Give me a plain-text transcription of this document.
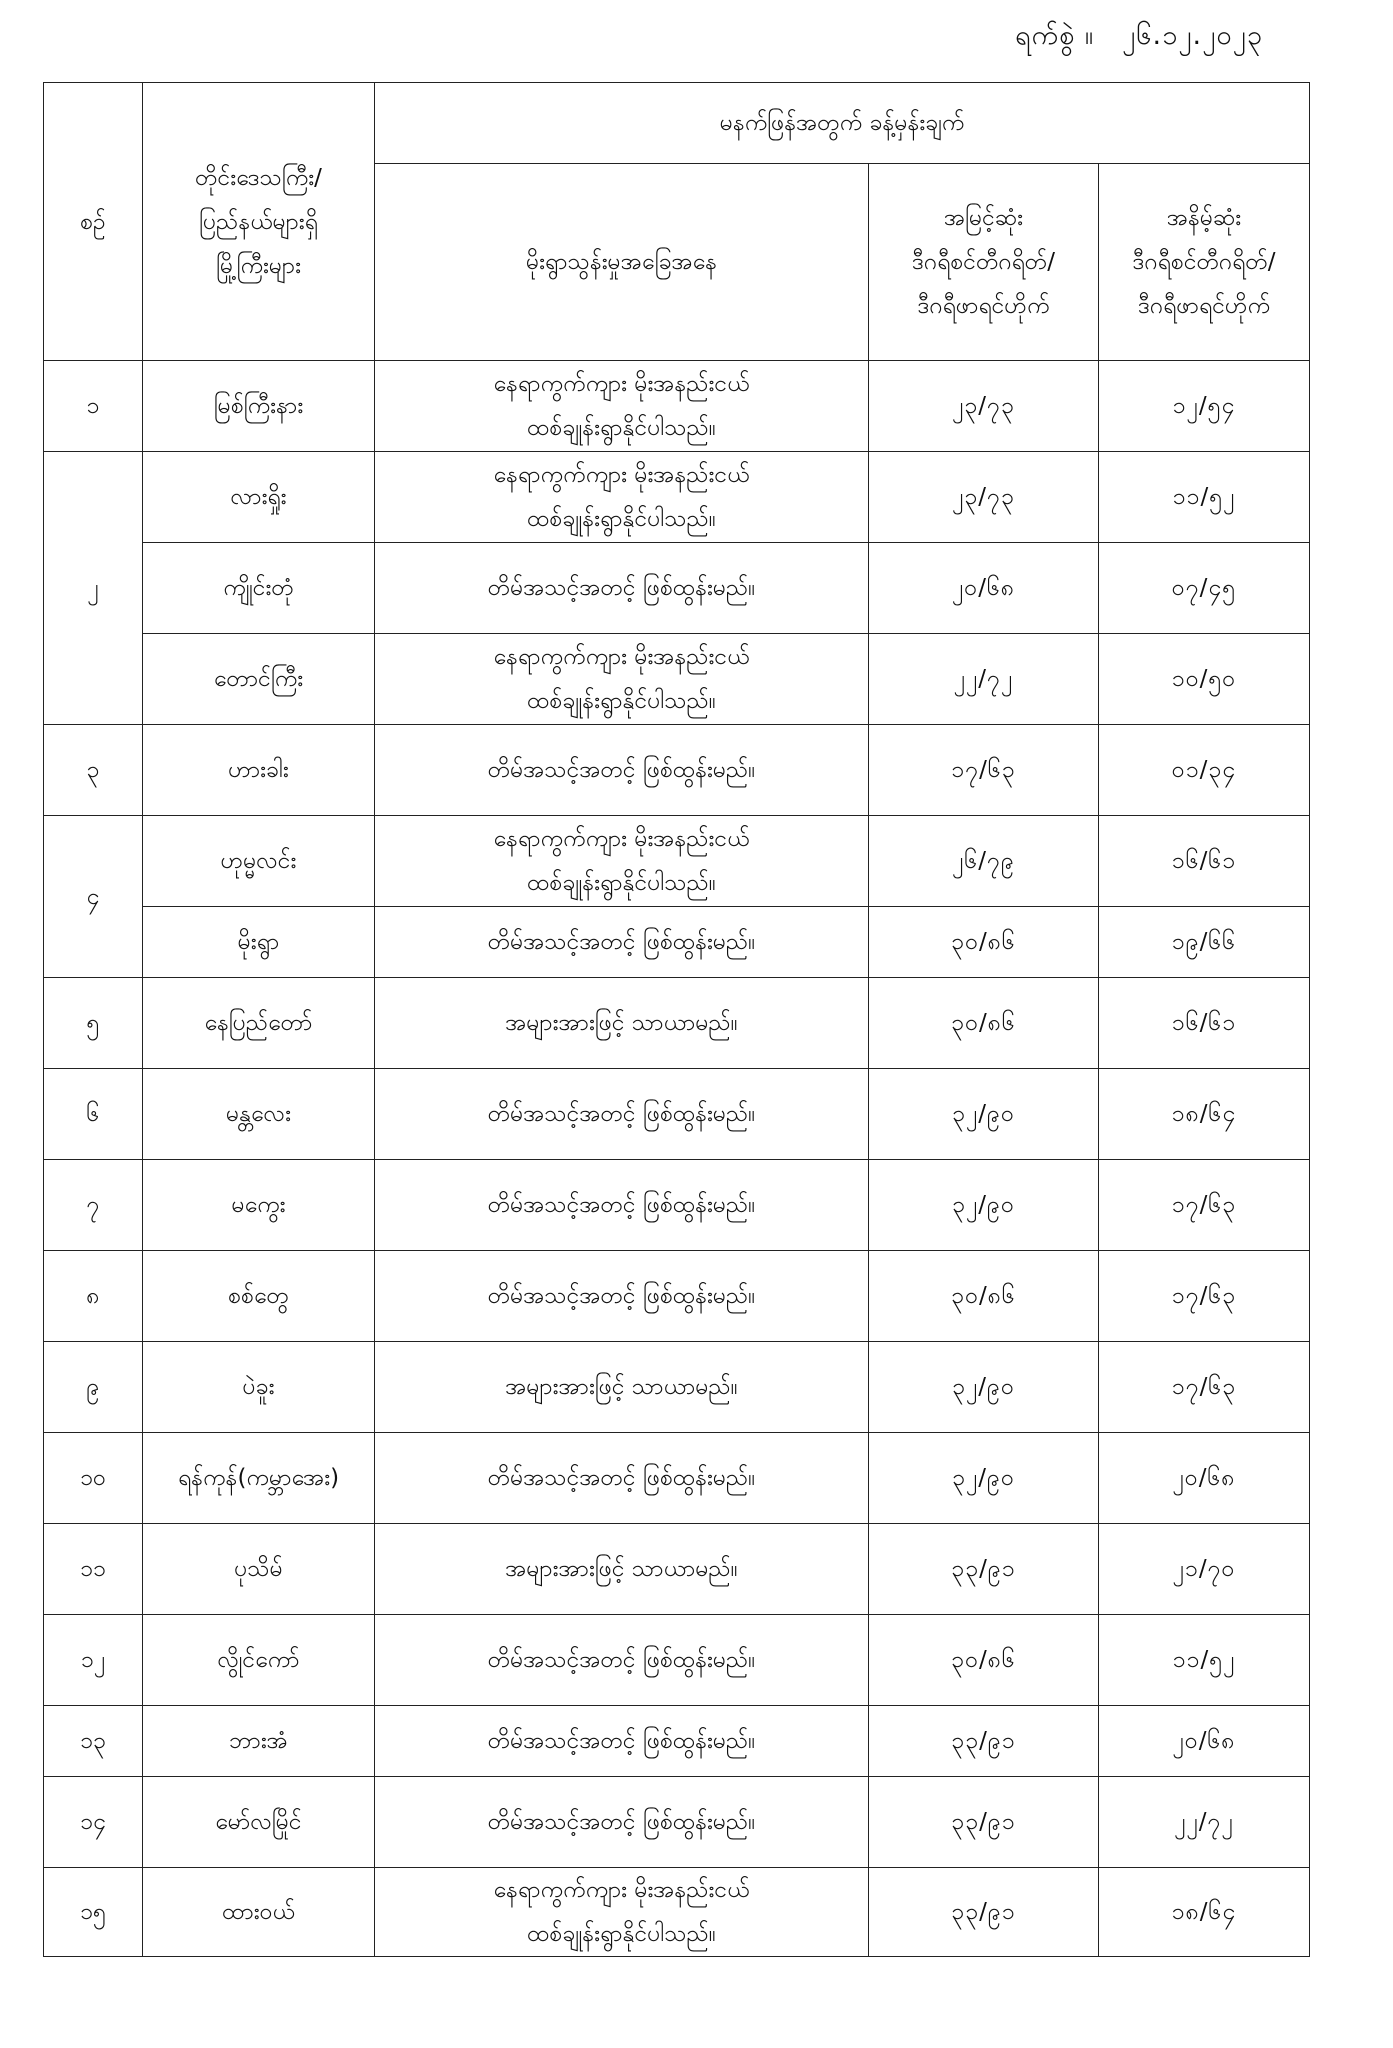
ရက်စွဲ ။ ၂၆.၁၂.၂၀၂၃
စဉ်	တိုင်းဒေသကြီး/
ပြည်နယ်များရှိ
မြို့ကြီးများ	မနက်ဖြန်အတွက် ခန့်မှန်းချက်		
		မိုးရွာသွန်းမှုအခြေအနေ	အမြင့်ဆုံး
ဒီဂရီစင်တီဂရိတ်/
ဒီဂရီဖာရင်ဟိုက်	အနိမ့်ဆုံး
ဒီဂရီစင်တီဂရိတ်/
ဒီဂရီဖာရင်ဟိုက်
၁	မြစ်ကြီးနား	နေရာကွက်ကျား မိုးအနည်းငယ်
ထစ်ချုန်းရွာနိုင်ပါသည်။	၂၃/၇၃	၁၂/၅၄
၂	လားရှိုး	နေရာကွက်ကျား မိုးအနည်းငယ်
ထစ်ချုန်းရွာနိုင်ပါသည်။	၂၃/၇၃	၁၁/၅၂
	ကျိုင်းတုံ	တိမ်အသင့်အတင့် ဖြစ်ထွန်းမည်။	၂၀/၆၈	၀၇/၄၅
	တောင်ကြီး	နေရာကွက်ကျား မိုးအနည်းငယ်
ထစ်ချုန်းရွာနိုင်ပါသည်။	၂၂/၇၂	၁၀/၅၀
၃	ဟားခါး	တိမ်အသင့်အတင့် ဖြစ်ထွန်းမည်။	၁၇/၆၃	၀၁/၃၄
၄	ဟုမ္မလင်း	နေရာကွက်ကျား မိုးအနည်းငယ်
ထစ်ချုန်းရွာနိုင်ပါသည်။	၂၆/၇၉	၁၆/၆၁
	မိုးရွာ	တိမ်အသင့်အတင့် ဖြစ်ထွန်းမည်။	၃၀/၈၆	၁၉/၆၆
၅	နေပြည်တော်	အများအားဖြင့် သာယာမည်။	၃၀/၈၆	၁၆/၆၁
၆	မန္တလေး	တိမ်အသင့်အတင့် ဖြစ်ထွန်းမည်။	၃၂/၉၀	၁၈/၆၄
၇	မကွေး	တိမ်အသင့်အတင့် ဖြစ်ထွန်းမည်။	၃၂/၉၀	၁၇/၆၃
၈	စစ်တွေ	တိမ်အသင့်အတင့် ဖြစ်ထွန်းမည်။	၃၀/၈၆	၁၇/၆၃
၉	ပဲခူး	အများအားဖြင့် သာယာမည်။	၃၂/၉၀	၁၇/၆၃
၁၀	ရန်ကုန်(ကမ္ဘာအေး)	တိမ်အသင့်အတင့် ဖြစ်ထွန်းမည်။	၃၂/၉၀	၂၀/၆၈
၁၁	ပုသိမ်	အများအားဖြင့် သာယာမည်။	၃၃/၉၁	၂၁/၇၀
၁၂	လွိုင်ကော်	တိမ်အသင့်အတင့် ဖြစ်ထွန်းမည်။	၃၀/၈၆	၁၁/၅၂
၁၃	ဘားအံ	တိမ်အသင့်အတင့် ဖြစ်ထွန်းမည်။	၃၃/၉၁	၂၀/၆၈
၁၄	မော်လမြိုင်	တိမ်အသင့်အတင့် ဖြစ်ထွန်းမည်။	၃၃/၉၁	၂၂/၇၂
၁၅	ထားဝယ်	နေရာကွက်ကျား မိုးအနည်းငယ်
ထစ်ချုန်းရွာနိုင်ပါသည်။	၃၃/၉၁	၁၈/၆၄
